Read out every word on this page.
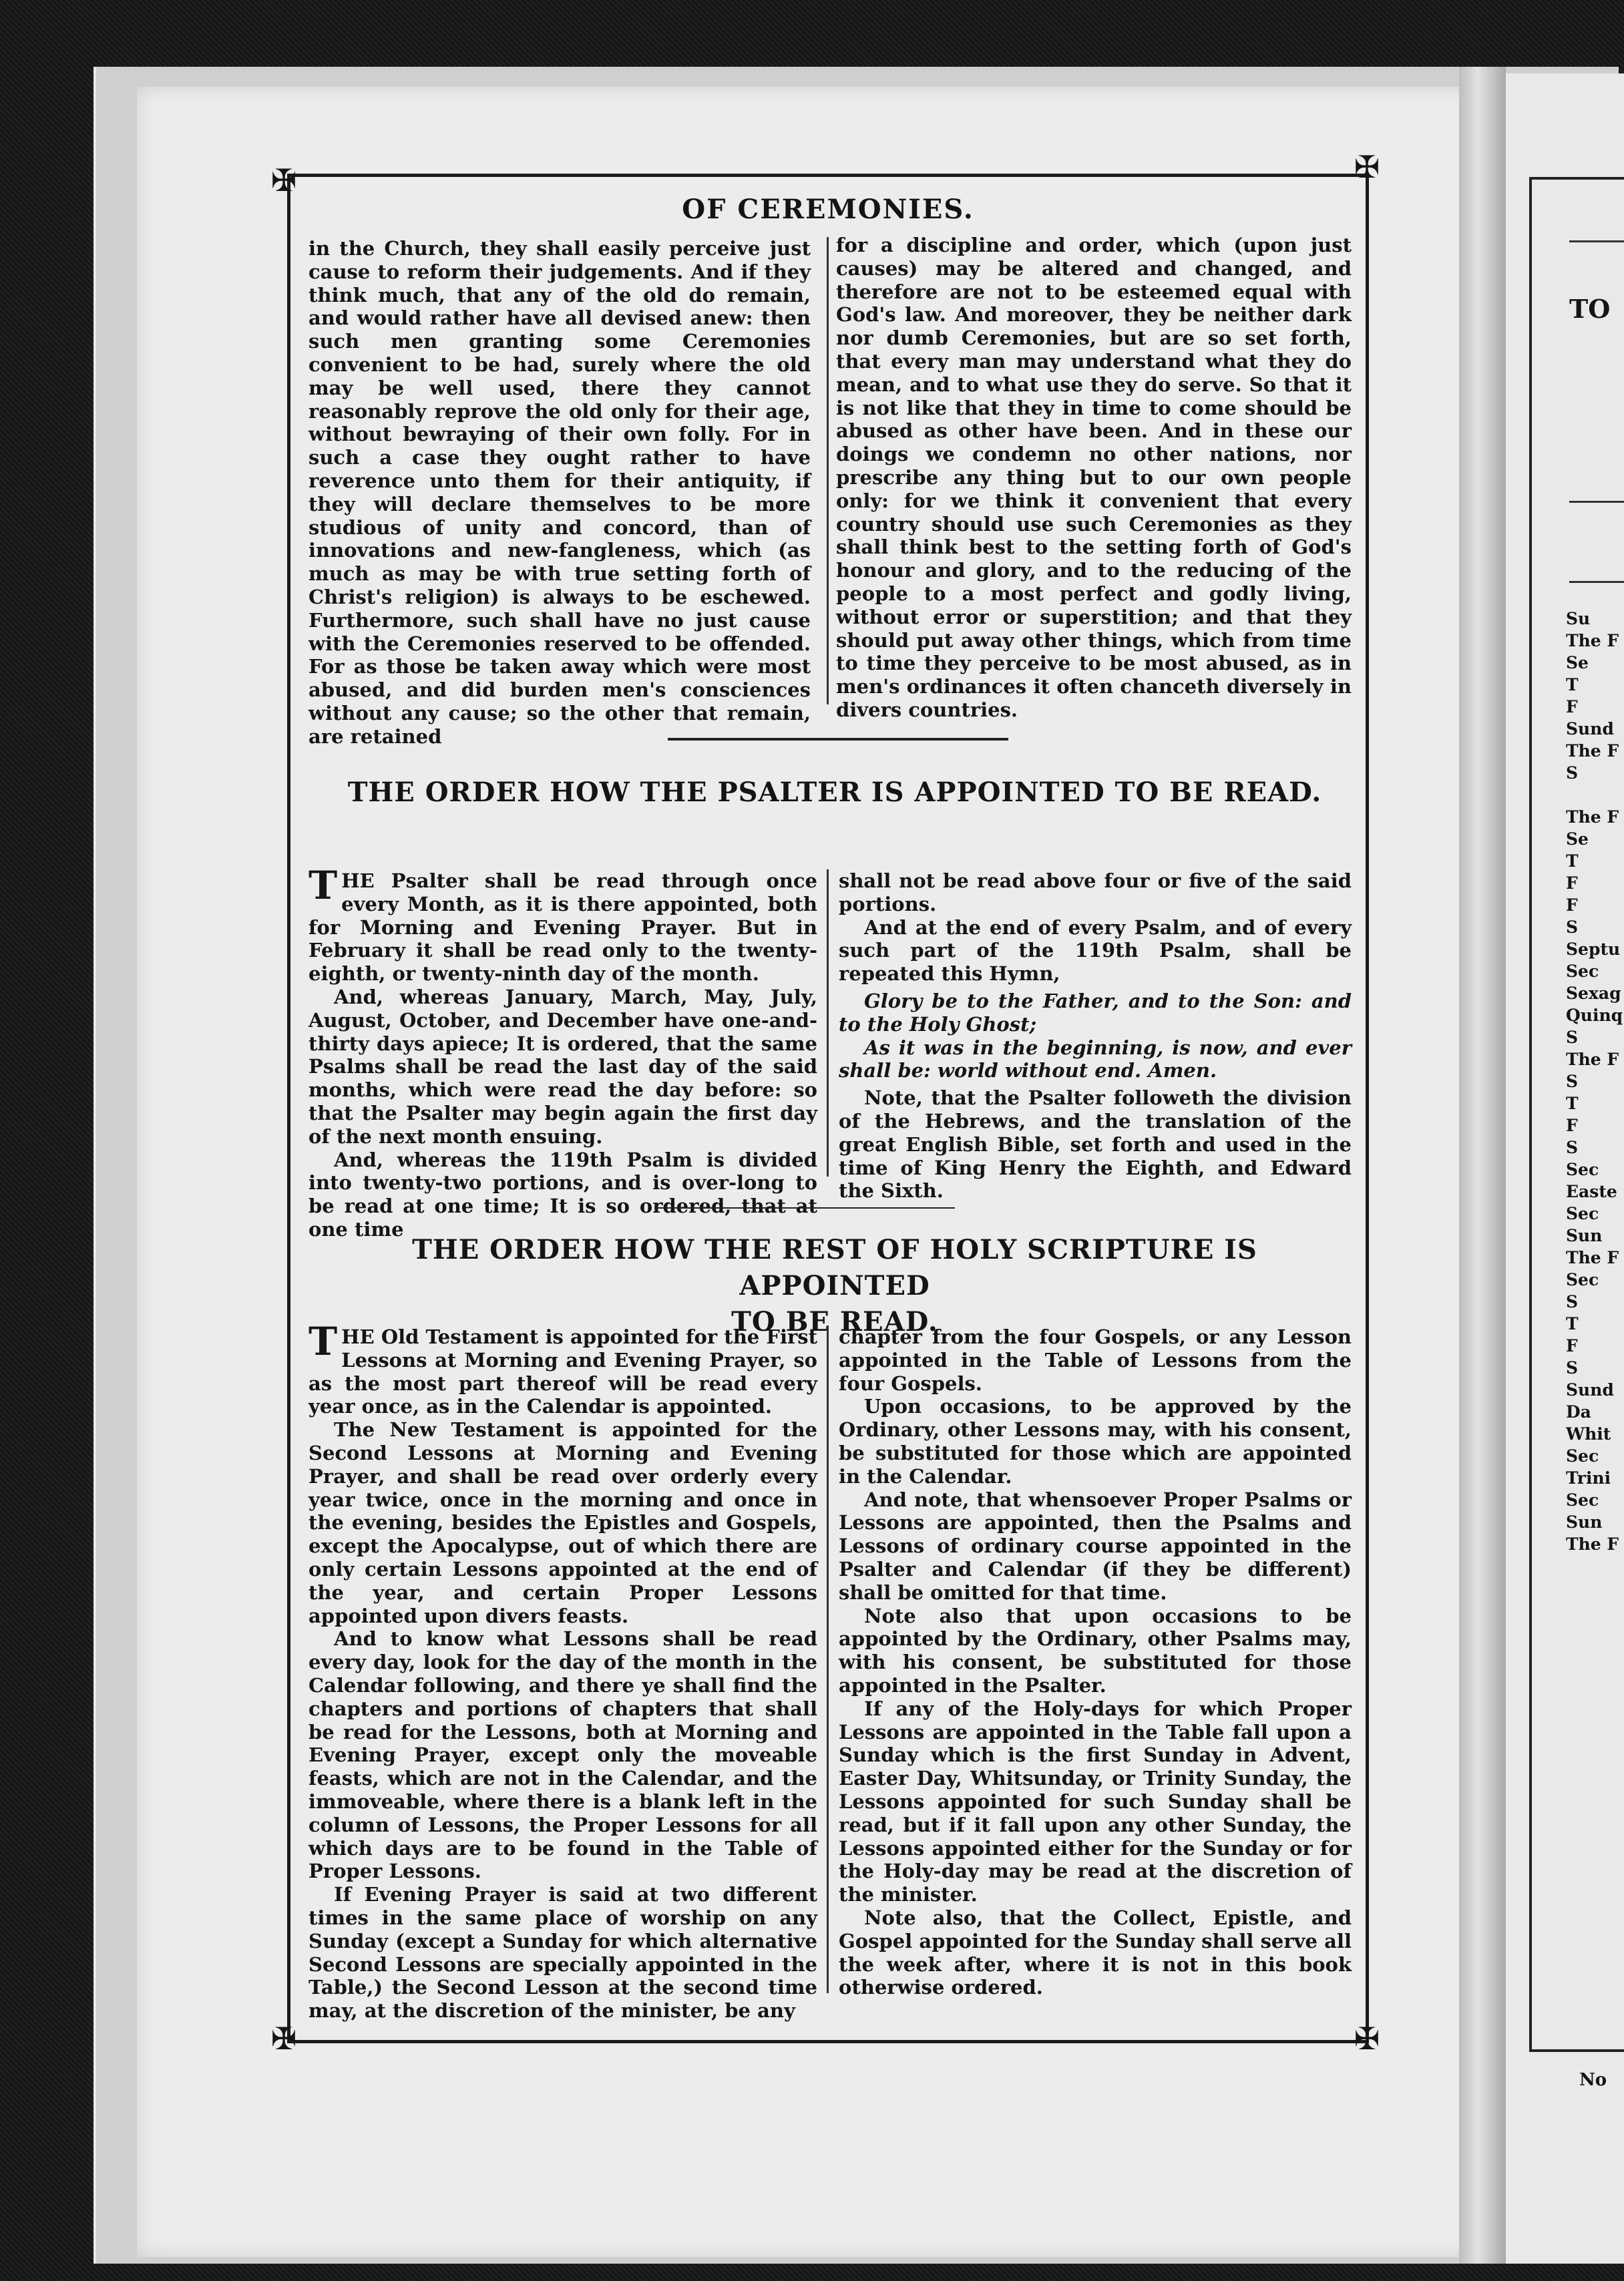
TO
Su
The F
Se
T
F
Sund
The F
S

The F
Se
T
F
F
S
Septu
Sec
Sexag
Quinq
S
The F
S
T
F
S
Sec
Easte
Sec
Sun
The F
Sec
S
T
F
S
Sund
Da
Whit
Sec
Trini
Sec
Sun
The F
No
✠	✠
✠	✠
OF CEREMONIES.

in the Church, they shall easily perceive just cause to reform their judgements. And if they think much, that any of the old do remain, and would rather have all devised anew: then such men granting some Ceremonies convenient to be had, surely where the old may be well used, there they cannot reasonably reprove the old only for their age, without bewraying of their own folly. For in such a case they ought rather to have reverence unto them for their antiquity, if they will declare themselves to be more studious of unity and concord, than of innovations and new-fangleness, which (as much as may be with true setting forth of Christ's religion) is always to be eschewed. Furthermore, such shall have no just cause with the Ceremonies reserved to be offended. For as those be taken away which were most abused, and did burden men's consciences without any cause; so the other that remain, are retained

for a discipline and order, which (upon just causes) may be altered and changed, and therefore are not to be esteemed equal with God's law. And moreover, they be neither dark nor dumb Ceremonies, but are so set forth, that every man may understand what they do mean, and to what use they do serve. So that it is not like that they in time to come should be abused as other have been. And in these our doings we condemn no other nations, nor prescribe any thing but to our own people only: for we think it convenient that every country should use such Ceremonies as they shall think best to the setting forth of God's honour and glory, and to the reducing of the people to a most perfect and godly living, without error or superstition; and that they should put away other things, which from time to time they perceive to be most abused, as in men's ordinances it often chanceth diversely in divers countries.

THE ORDER HOW THE PSALTER IS APPOINTED TO BE READ.

THE Psalter shall be read through once every Month, as it is there appointed, both for Morning and Evening Prayer. But in February it shall be read only to the twenty-eighth, or twenty-ninth day of the month.

And, whereas January, March, May, July, August, October, and December have one-and-thirty days apiece; It is ordered, that the same Psalms shall be read the last day of the said months, which were read the day before: so that the Psalter may begin again the first day of the next month ensuing.

And, whereas the 119th Psalm is divided into twenty-two portions, and is over-long to be read at one time; It is so ordered, that at one time

shall not be read above four or five of the said portions.

And at the end of every Psalm, and of every such part of the 119th Psalm, shall be repeated this Hymn,

Glory be to the Father, and to the Son: and to the Holy Ghost;

As it was in the beginning, is now, and ever shall be: world without end. Amen.

Note, that the Psalter followeth the division of the Hebrews, and the translation of the great English Bible, set forth and used in the time of King Henry the Eighth, and Edward the Sixth.

THE ORDER HOW THE REST OF HOLY SCRIPTURE IS APPOINTED
TO BE READ.

THE Old Testament is appointed for the First Lessons at Morning and Evening Prayer, so as the most part thereof will be read every year once, as in the Calendar is appointed.

The New Testament is appointed for the Second Lessons at Morning and Evening Prayer, and shall be read over orderly every year twice, once in the morning and once in the evening, besides the Epistles and Gospels, except the Apocalypse, out of which there are only certain Lessons appointed at the end of the year, and certain Proper Lessons appointed upon divers feasts.

And to know what Lessons shall be read every day, look for the day of the month in the Calendar following, and there ye shall find the chapters and portions of chapters that shall be read for the Lessons, both at Morning and Evening Prayer, except only the moveable feasts, which are not in the Calendar, and the immoveable, where there is a blank left in the column of Lessons, the Proper Lessons for all which days are to be found in the Table of Proper Lessons.

If Evening Prayer is said at two different times in the same place of worship on any Sunday (except a Sunday for which alternative Second Lessons are specially appointed in the Table,) the Second Lesson at the second time may, at the discretion of the minister, be any

chapter from the four Gospels, or any Lesson appointed in the Table of Lessons from the four Gospels.

Upon occasions, to be approved by the Ordinary, other Lessons may, with his consent, be substituted for those which are appointed in the Calendar.

And note, that whensoever Proper Psalms or Lessons are appointed, then the Psalms and Lessons of ordinary course appointed in the Psalter and Calendar (if they be different) shall be omitted for that time.

Note also that upon occasions to be appointed by the Ordinary, other Psalms may, with his consent, be substituted for those appointed in the Psalter.

If any of the Holy-days for which Proper Lessons are appointed in the Table fall upon a Sunday which is the first Sunday in Advent, Easter Day, Whitsunday, or Trinity Sunday, the Lessons appointed for such Sunday shall be read, but if it fall upon any other Sunday, the Lessons appointed either for the Sunday or for the Holy-day may be read at the discretion of the minister.

Note also, that the Collect, Epistle, and Gospel appointed for the Sunday shall serve all the week after, where it is not in this book otherwise ordered.
